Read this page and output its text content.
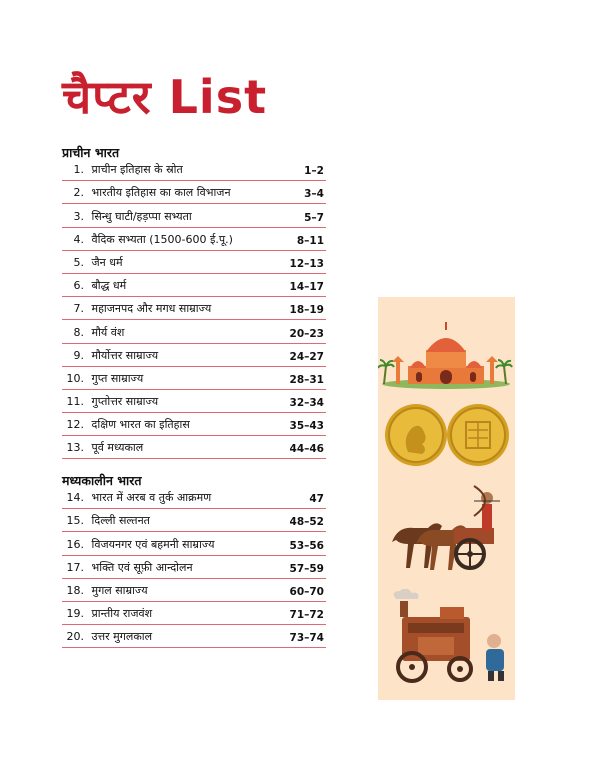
चैप्टर List
प्राचीन भारत
1. प्राचीन इतिहास के स्रोत	1–2
2. भारतीय इतिहास का काल विभाजन	3–4
3. सिन्धु घाटी/हड़प्पा सभ्यता	5–7
4. वैदिक सभ्यता (1500-600 ई.पू.)	8–11
5. जैन धर्म	12–13
6. बौद्ध धर्म	14–17
7. महाजनपद और मगध साम्राज्य	18–19
8. मौर्य वंश	20–23
9. मौर्योत्तर साम्राज्य	24–27
10. गुप्त साम्राज्य	28–31
11. गुप्तोत्तर साम्राज्य	32–34
12. दक्षिण भारत का इतिहास	35–43
13. पूर्व मध्यकाल	44–46
मध्यकालीन भारत
14. भारत में अरब व तुर्क आक्रमण	47
15. दिल्ली सल्तनत	48–52
16. विजयनगर एवं बहमनी साम्राज्य	53–56
17. भक्ति एवं सूफ़ी आन्दोलन	57–59
18. मुगल साम्राज्य	60–70
19. प्रान्तीय राजवंश	71–72
20. उत्तर मुगलकाल	73–74
